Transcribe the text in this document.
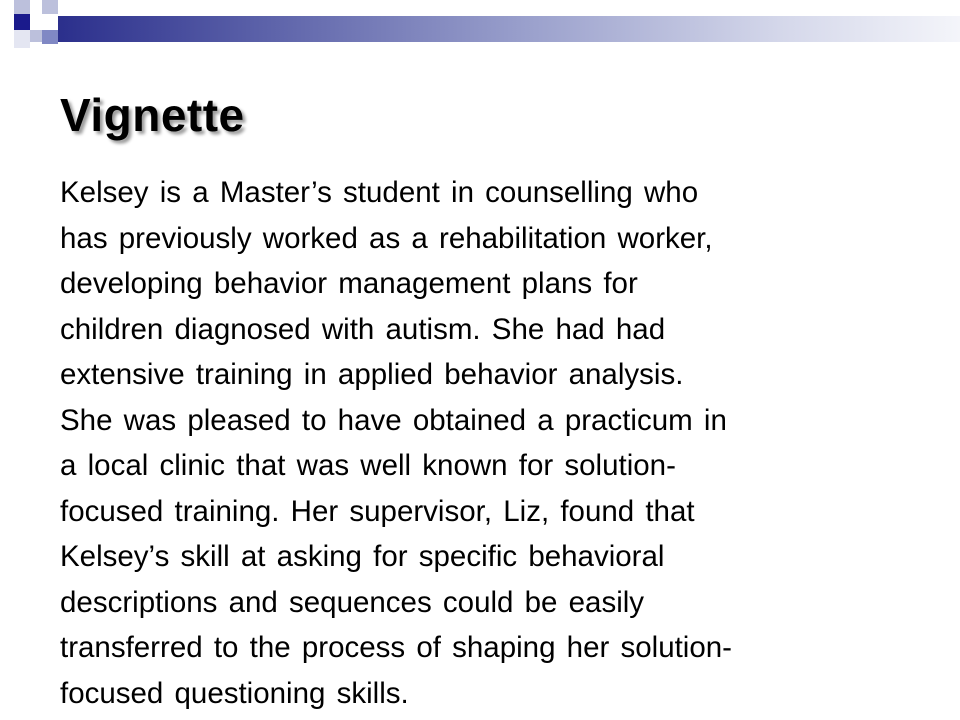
Vignette
Kelsey is a Master’s student in counselling who
has previously worked as a rehabilitation worker,
developing behavior management plans for
children diagnosed with autism. She had had
extensive training in applied behavior analysis.
She was pleased to have obtained a practicum in
a local clinic that was well known for solution-
focused training. Her supervisor, Liz, found that
Kelsey’s skill at asking for specific behavioral
descriptions and sequences could be easily
transferred to the process of shaping her solution-
focused questioning skills.
